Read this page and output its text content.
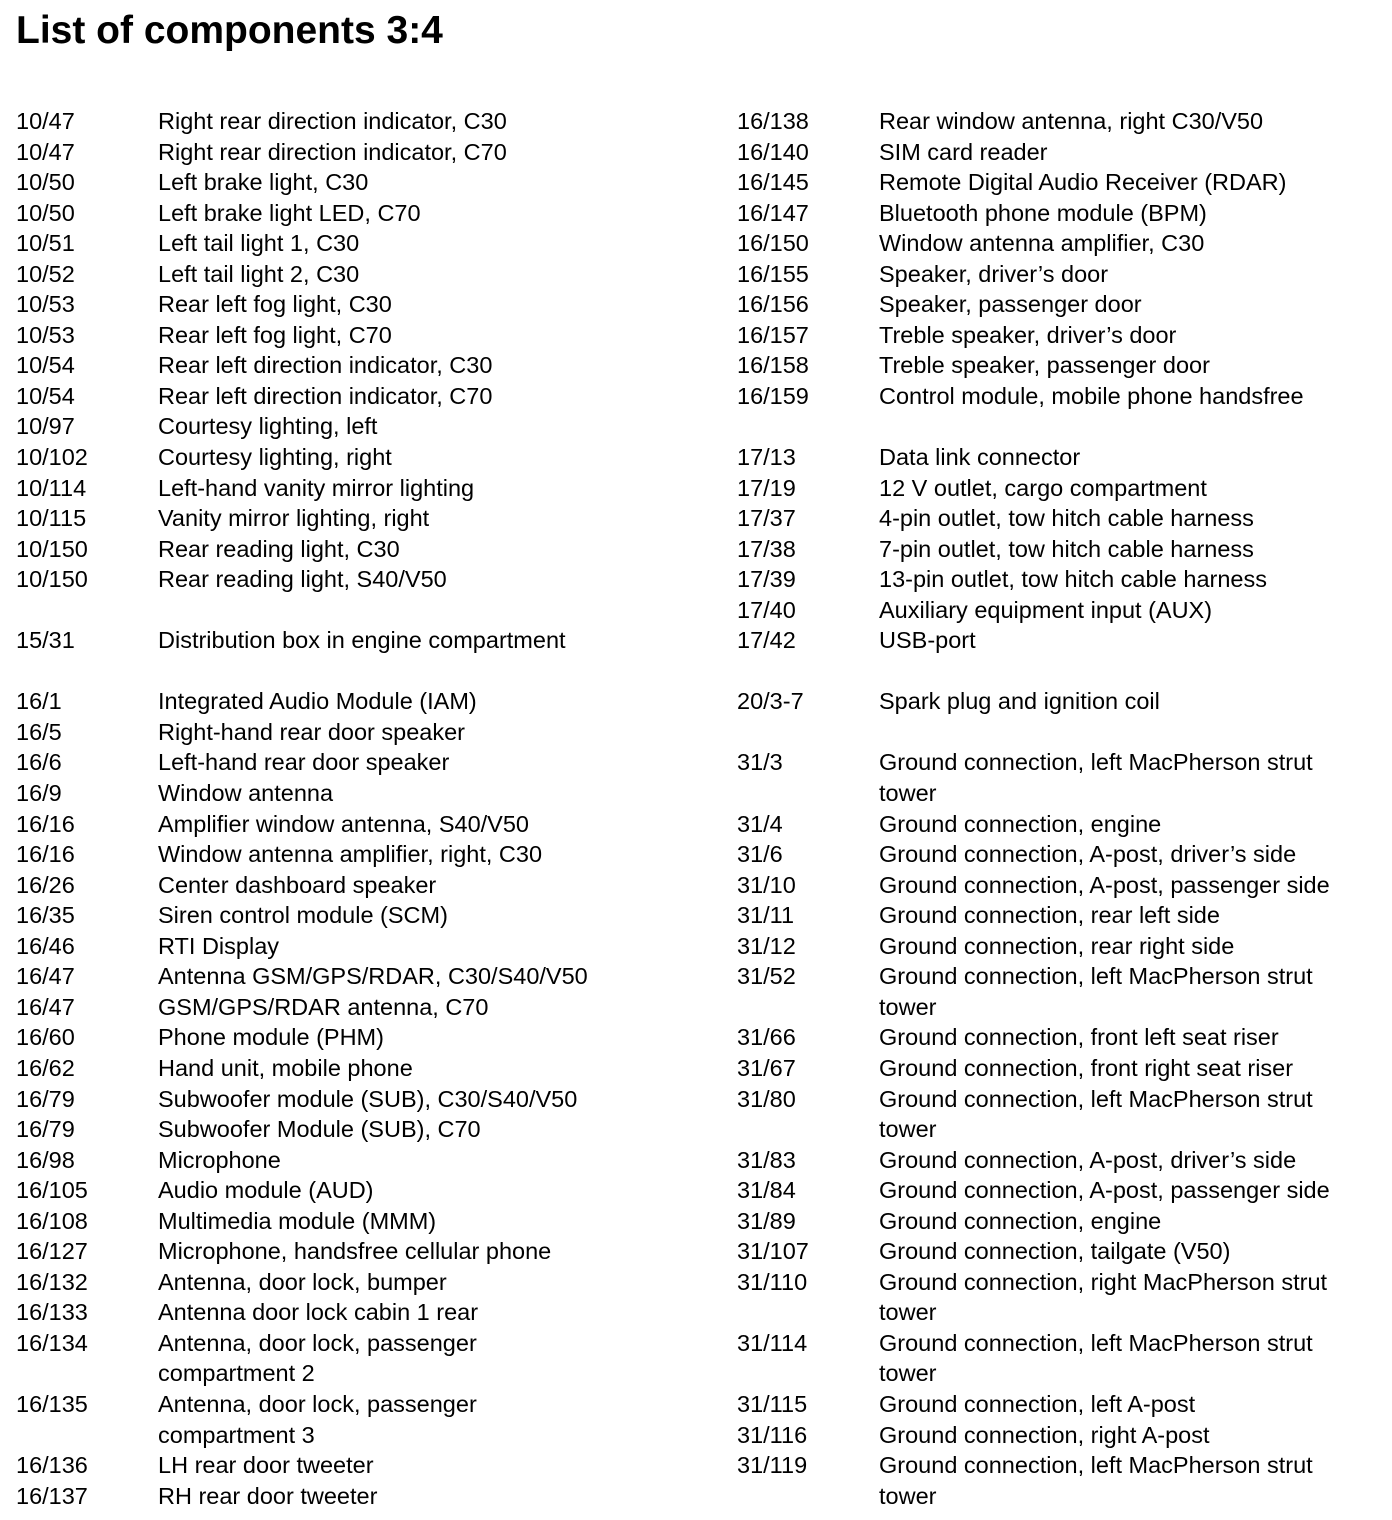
List of components 3:4
10/47	Right rear direction indicator, C30
10/47	Right rear direction indicator, C70
10/50	Left brake light, C30
10/50	Left brake light LED, C70
10/51	Left tail light 1, C30
10/52	Left tail light 2, C30
10/53	Rear left fog light, C30
10/53	Rear left fog light, C70
10/54	Rear left direction indicator, C30
10/54	Rear left direction indicator, C70
10/97	Courtesy lighting, left
10/102	Courtesy lighting, right
10/114	Left-hand vanity mirror lighting
10/115	Vanity mirror lighting, right
10/150	Rear reading light, C30
10/150	Rear reading light, S40/V50
15/31	Distribution box in engine compartment
16/1	Integrated Audio Module (IAM)
16/5	Right-hand rear door speaker
16/6	Left-hand rear door speaker
16/9	Window antenna
16/16	Amplifier window antenna, S40/V50
16/16	Window antenna amplifier, right, C30
16/26	Center dashboard speaker
16/35	Siren control module (SCM)
16/46	RTI Display
16/47	Antenna GSM/GPS/RDAR, C30/S40/V50
16/47	GSM/GPS/RDAR antenna, C70
16/60	Phone module (PHM)
16/62	Hand unit, mobile phone
16/79	Subwoofer module (SUB), C30/S40/V50
16/79	Subwoofer Module (SUB), C70
16/98	Microphone
16/105	Audio module (AUD)
16/108	Multimedia module (MMM)
16/127	Microphone, handsfree cellular phone
16/132	Antenna, door lock, bumper
16/133	Antenna door lock cabin 1 rear
16/134	Antenna, door lock, passenger
compartment 2
16/135	Antenna, door lock, passenger
compartment 3
16/136	LH rear door tweeter
16/137	RH rear door tweeter
16/138	Rear window antenna, right C30/V50
16/140	SIM card reader
16/145	Remote Digital Audio Receiver (RDAR)
16/147	Bluetooth phone module (BPM)
16/150	Window antenna amplifier, C30
16/155	Speaker, driver’s door
16/156	Speaker, passenger door
16/157	Treble speaker, driver’s door
16/158	Treble speaker, passenger door
16/159	Control module, mobile phone handsfree
17/13	Data link connector
17/19	12 V outlet, cargo compartment
17/37	4-pin outlet, tow hitch cable harness
17/38	7-pin outlet, tow hitch cable harness
17/39	13-pin outlet, tow hitch cable harness
17/40	Auxiliary equipment input (AUX)
17/42	USB-port
20/3-7	Spark plug and ignition coil
31/3	Ground connection, left MacPherson strut
tower
31/4	Ground connection, engine
31/6	Ground connection, A-post, driver’s side
31/10	Ground connection, A-post, passenger side
31/11	Ground connection, rear left side
31/12	Ground connection, rear right side
31/52	Ground connection, left MacPherson strut
tower
31/66	Ground connection, front left seat riser
31/67	Ground connection, front right seat riser
31/80	Ground connection, left MacPherson strut
tower
31/83	Ground connection, A-post, driver’s side
31/84	Ground connection, A-post, passenger side
31/89	Ground connection, engine
31/107	Ground connection, tailgate (V50)
31/110	Ground connection, right MacPherson strut
tower
31/114	Ground connection, left MacPherson strut
tower
31/115	Ground connection, left A-post
31/116	Ground connection, right A-post
31/119	Ground connection, left MacPherson strut
tower
